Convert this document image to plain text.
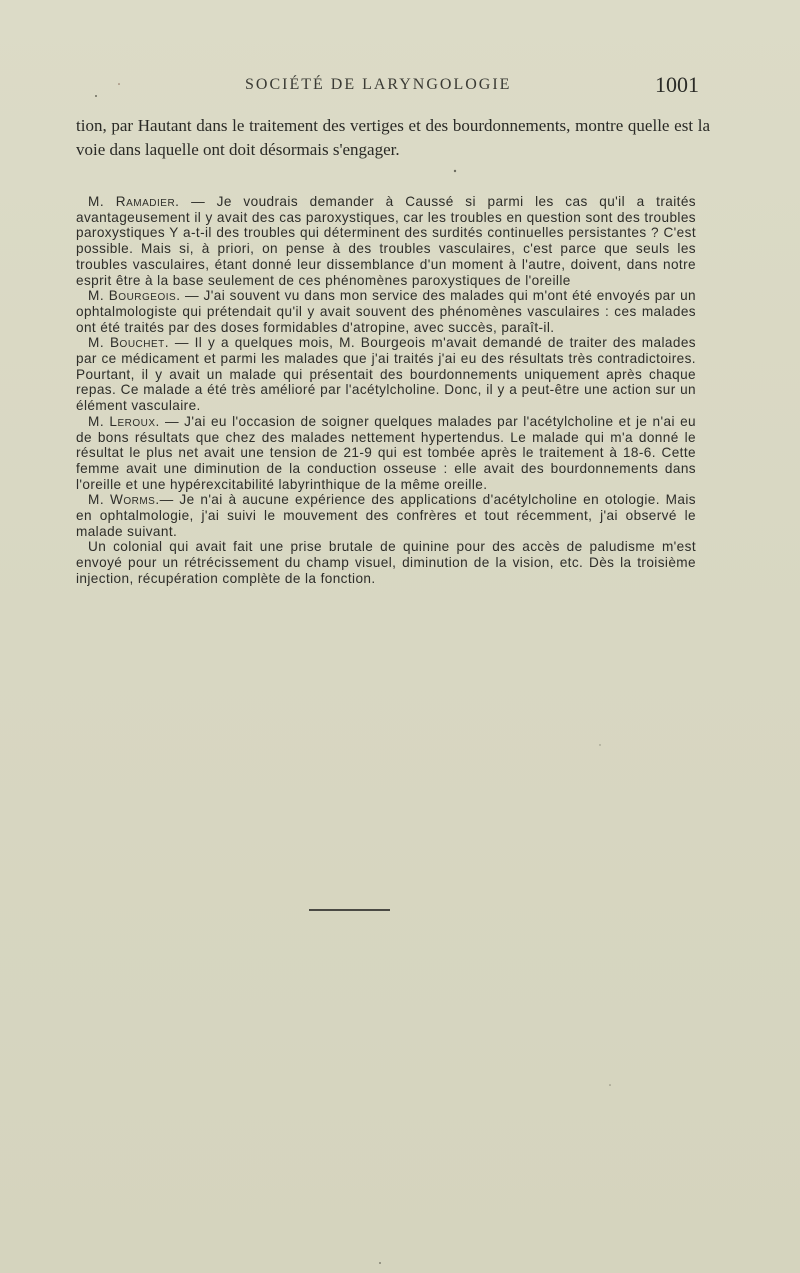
SOCIÉTÉ DE LARYNGOLOGIE	1001
tion, par Hautant dans le traitement des vertiges et des bourdonnements, montre quelle est la voie dans laquelle ont doit désormais s'engager.

M. Ramadier. — Je voudrais demander à Caussé si parmi les cas qu'il a traités avantageusement il y avait des cas paroxystiques, car les troubles en question sont des troubles paroxystiques Y a-t-il des troubles qui déterminent des surdités continuelles persistantes ? C'est possible. Mais si, à priori, on pense à des troubles vasculaires, c'est parce que seuls les troubles vasculaires, étant donné leur dissemblance d'un moment à l'autre, doivent, dans notre esprit être à la base seulement de ces phénomènes paroxystiques de l'oreille

M. Bourgeois. — J'ai souvent vu dans mon service des malades qui m'ont été envoyés par un ophtalmologiste qui prétendait qu'il y avait souvent des phénomènes vasculaires : ces malades ont été traités par des doses formidables d'atropine, avec succès, paraît-il.

M. Bouchet. — Il y a quelques mois, M. Bourgeois m'avait demandé de traiter des malades par ce médicament et parmi les malades que j'ai traités j'ai eu des résultats très contradictoires. Pourtant, il y avait un malade qui présentait des bourdonnements uniquement après chaque repas. Ce malade a été très amélioré par l'acétylcholine. Donc, il y a peut-être une action sur un élément vasculaire.

M. Leroux. — J'ai eu l'occasion de soigner quelques malades par l'acétylcholine et je n'ai eu de bons résultats que chez des malades nettement hypertendus. Le malade qui m'a donné le résultat le plus net avait une tension de 21-9 qui est tombée après le traitement à 18-6. Cette femme avait une diminution de la conduction osseuse : elle avait des bourdonnements dans l'oreille et une hypérexcitabilité labyrinthique de la même oreille.

M. Worms.— Je n'ai à aucune expérience des applications d'acétylcholine en otologie. Mais en ophtalmologie, j'ai suivi le mouvement des confrères et tout récemment, j'ai observé le malade suivant.

Un colonial qui avait fait une prise brutale de quinine pour des accès de paludisme m'est envoyé pour un rétrécissement du champ visuel, diminution de la vision, etc. Dès la troisième injection, récupération complète de la fonction.
